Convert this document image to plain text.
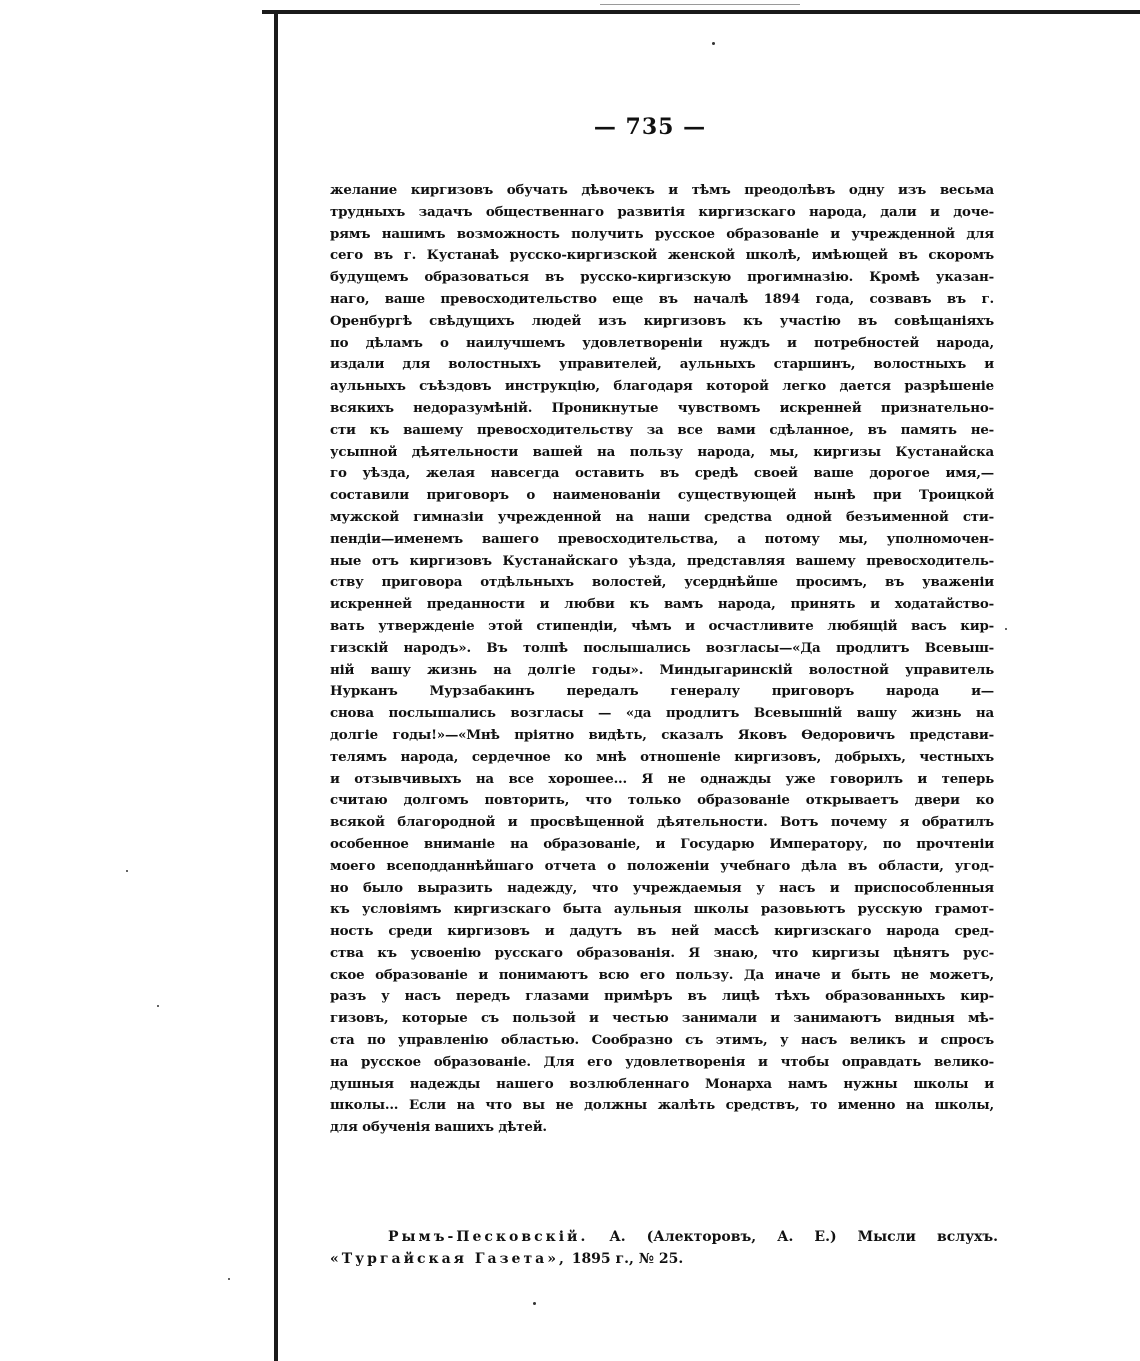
— 735 —
желание киргизовъ обучать дѣвочекъ и тѣмъ преодолѣвъ одну изъ весьма
трудныхъ задачъ общественнаго развитія киргизскаго народа, дали и доче-
рямъ нашимъ возможность получить русское образованіе и учрежденной для
сего въ г. Кустанаѣ русско-киргизской женской школѣ, имѣющей въ скоромъ
будущемъ образоваться въ русско-киргизскую прогимназію. Кромѣ указан-
наго, ваше превосходительство еще въ началѣ 1894 года, созвавъ въ г.
Оренбургѣ свѣдущихъ людей изъ киргизовъ къ участію въ совѣщаніяхъ
по дѣламъ о наилучшемъ удовлетвореніи нуждъ и потребностей народа,
издали для волостныхъ управителей, аульныхъ старшинъ, волостныхъ и
аульныхъ съѣздовъ инструкцію, благодаря которой легко дается разрѣшеніе
всякихъ недоразумѣній. Проникнутые чувствомъ искренней признательно-
сти къ вашему превосходительству за все вами сдѣланное, въ память не-
усыпной дѣятельности вашей на пользу народа, мы, киргизы Кустанайска
го уѣзда, желая навсегда оставить въ средѣ своей ваше дорогое имя,—
составили приговоръ о наименованіи существующей нынѣ при Троицкой
мужской гимназіи учрежденной на наши средства одной безъименной сти-
пендіи—именемъ вашего превосходительства, а потому мы, уполномочен-
ные отъ киргизовъ Кустанайскаго уѣзда, представляя вашему превосходитель-
ству приговора отдѣльныхъ волостей, усерднѣйше просимъ, въ уваженіи
искренней преданности и любви къ вамъ народа, принять и ходатайство-
вать утвержденіе этой стипендіи, чѣмъ и осчастливите любящій васъ кир-
гизскій народъ». Въ толпѣ послышались возгласы—«Да продлитъ Всевыш-
ній вашу жизнь на долгіе годы». Миндыгаринскій волостной управитель
Нурканъ Мурзабакинъ передалъ генералу приговоръ народа и—
снова послышались возгласы — «да продлитъ Всевышній вашу жизнь на
долгіе годы!»—«Мнѣ пріятно видѣть, сказалъ Яковъ Ѳедоровичъ представи-
телямъ народа, сердечное ко мнѣ отношеніе киргизовъ, добрыхъ, честныхъ
и отзывчивыхъ на все хорошее... Я не однажды уже говорилъ и теперь
считаю долгомъ повторить, что только образованіе открываетъ двери ко
всякой благородной и просвѣщенной дѣятельности. Вотъ почему я обратилъ
особенное вниманіе на образованіе, и Государю Императору, по прочтеніи
моего всеподданнѣйшаго отчета о положеніи учебнаго дѣла въ области, угод-
но было выразить надежду, что учреждаемыя у насъ и приспособленныя
къ условіямъ киргизскаго быта аульныя школы разовьютъ русскую грамот-
ность среди киргизовъ и дадутъ въ ней массѣ киргизскаго народа сред-
ства къ усвоенію русскаго образованія. Я знаю, что киргизы цѣнятъ рус-
ское образованіе и понимаютъ всю его пользу. Да иначе и быть не можетъ,
разъ у насъ передъ глазами примѣръ въ лицѣ тѣхъ образованныхъ кир-
гизовъ, которые съ пользой и честью занимали и занимаютъ видныя мѣ-
ста по управленію областью. Сообразно съ этимъ, у насъ великъ и спросъ
на русское образованіе. Для его удовлетворенія и чтобы оправдать велико-
душныя надежды нашего возлюбленнаго Монарха намъ нужны школы и
школы... Если на что вы не должны жалѣть средствъ, то именно на школы,
для обученія вашихъ дѣтей.
Рымъ-Песковскій. А. (Алекторовъ, А. Е.) Мысли вслухъ.
«Тургайская Газета», 1895 г., № 25.
